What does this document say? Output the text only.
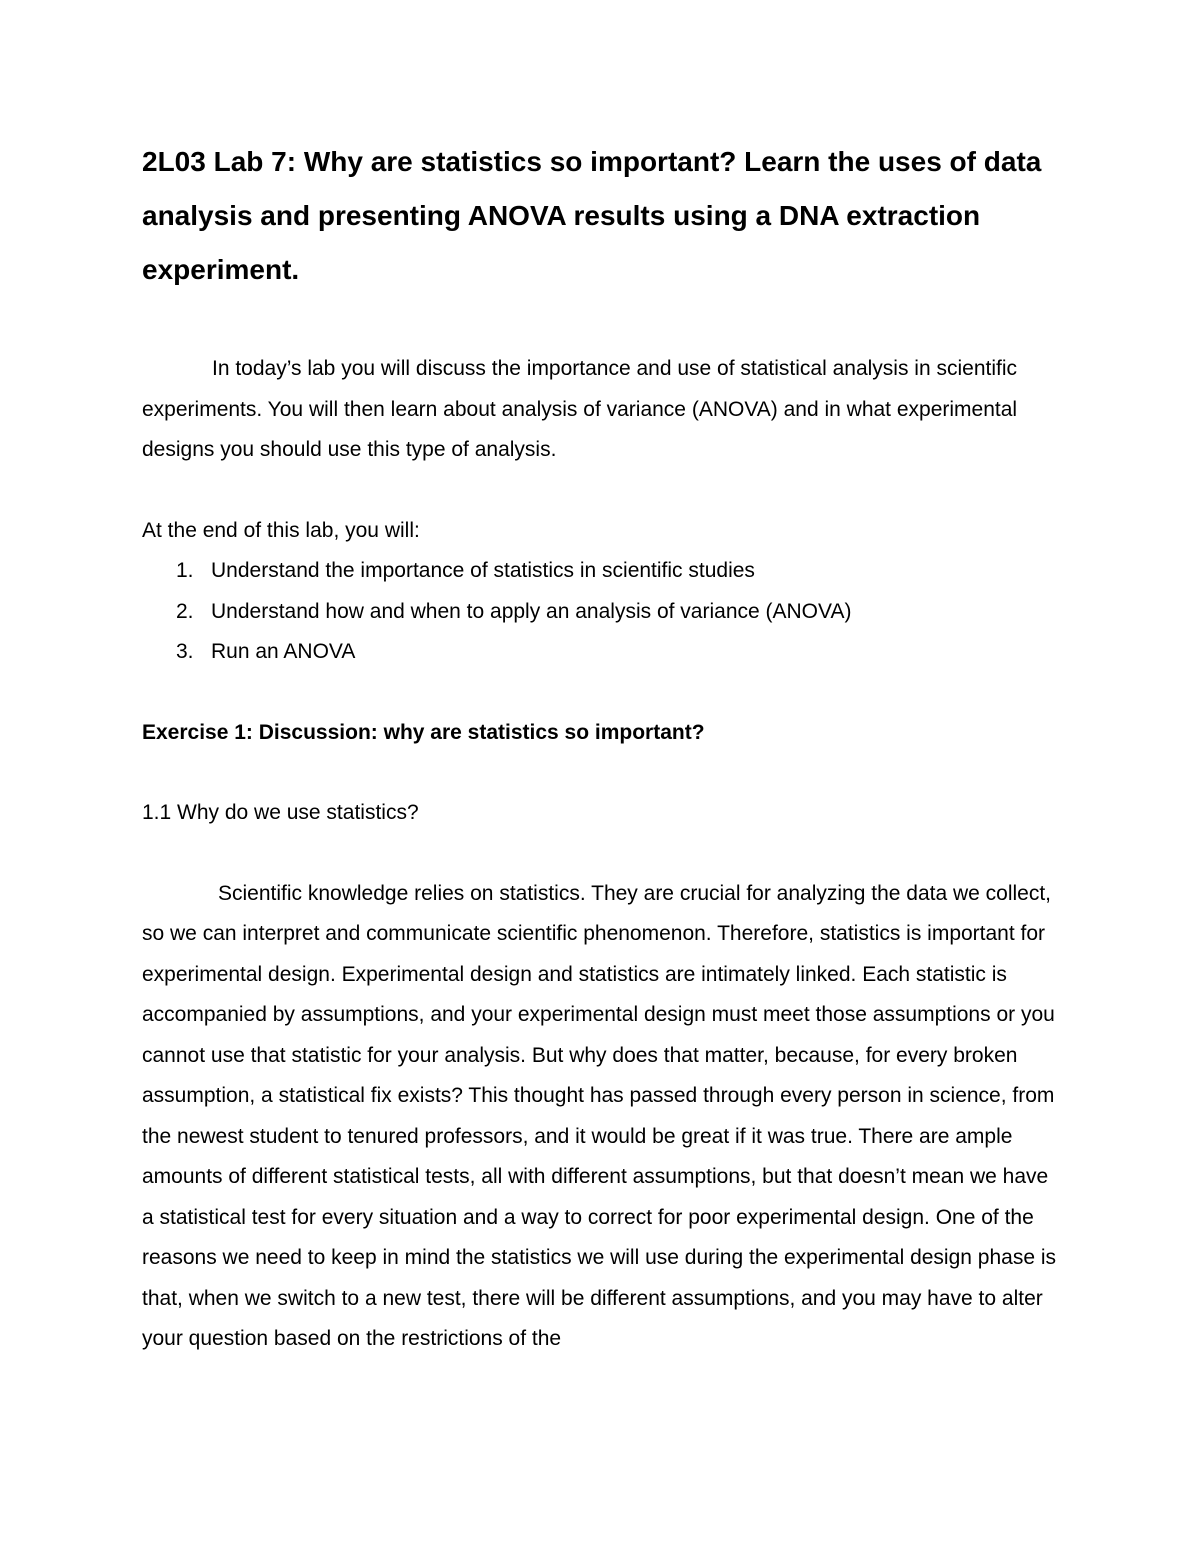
2L03 Lab 7: Why are statistics so important? Learn the uses of data analysis and presenting ANOVA results using a DNA extraction experiment.

In today’s lab you will discuss the importance and use of statistical analysis in scientific experiments. You will then learn about analysis of variance (ANOVA) and in what experimental designs you should use this type of analysis.

At the end of this lab, you will:

1. Understand the importance of statistics in scientific studies
2. Understand how and when to apply an analysis of variance (ANOVA)
3. Run an ANOVA

Exercise 1: Discussion: why are statistics so important?

1.1 Why do we use statistics?

Scientific knowledge relies on statistics. They are crucial for analyzing the data we collect, so we can interpret and communicate scientific phenomenon. Therefore, statistics is important for experimental design. Experimental design and statistics are intimately linked. Each statistic is accompanied by assumptions, and your experimental design must meet those assumptions or you cannot use that statistic for your analysis. But why does that matter, because, for every broken assumption, a statistical fix exists? This thought has passed through every person in science, from the newest student to tenured professors, and it would be great if it was true. There are ample amounts of different statistical tests, all with different assumptions, but that doesn’t mean we have a statistical test for every situation and a way to correct for poor experimental design. One of the reasons we need to keep in mind the statistics we will use during the experimental design phase is that, when we switch to a new test, there will be different assumptions, and you may have to alter your question based on the restrictions of the
